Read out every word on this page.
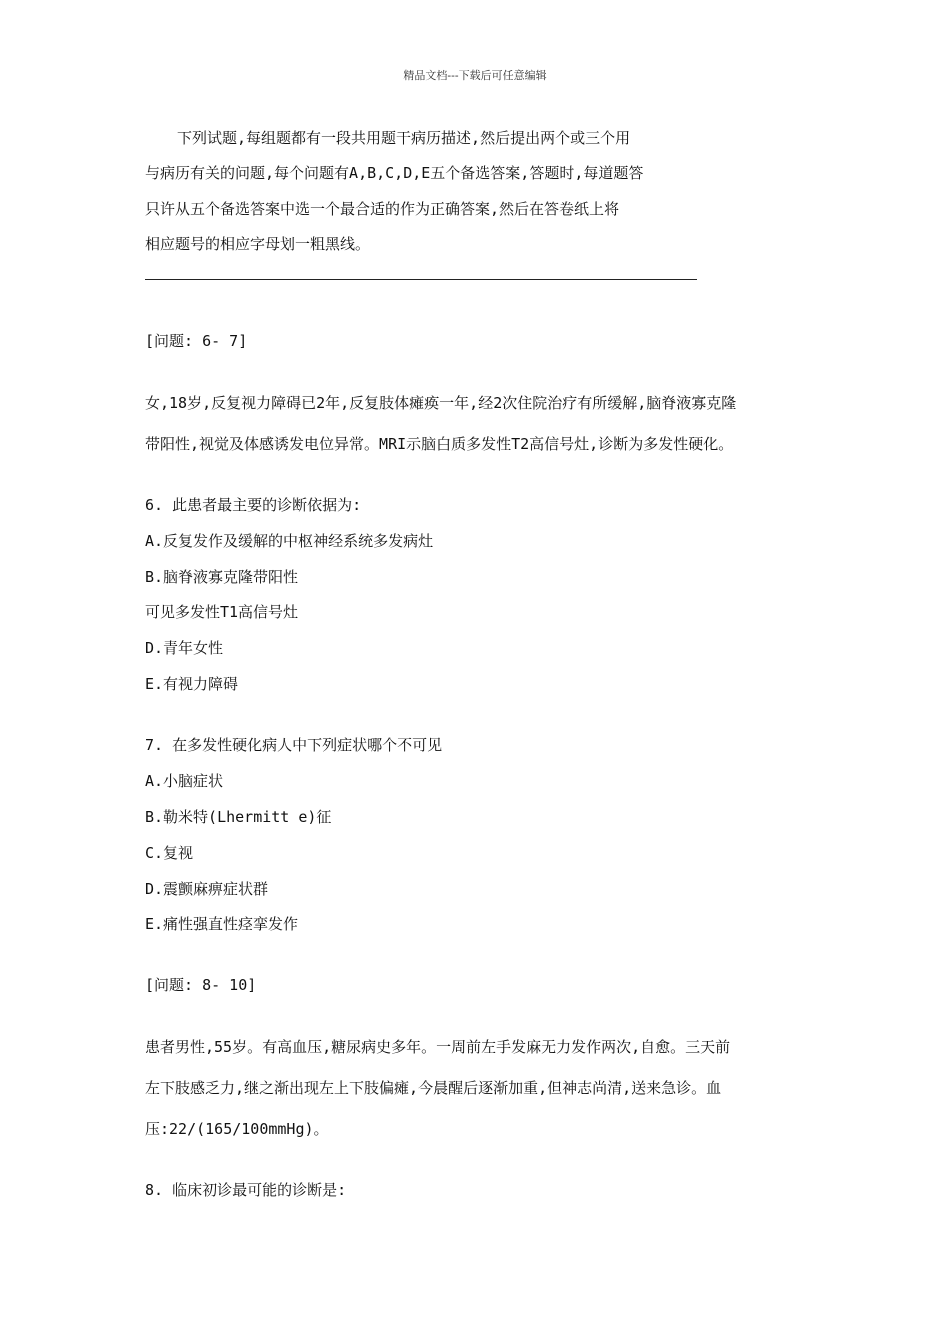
精品文档---下载后可任意编辑
下列试题,每组题都有一段共用题干病历描述,然后提出两个或三个用
与病历有关的问题,每个问题有A,B,C,D,E五个备选答案,答题时,每道题答
只许从五个备选答案中选一个最合适的作为正确答案,然后在答卷纸上将
相应题号的相应字母划一粗黑线。
[问题: 6- 7]
女,18岁,反复视力障碍已2年,反复肢体瘫痪一年,经2次住院治疗有所缓解,脑脊液寡克隆
带阳性,视觉及体感诱发电位异常。MRI示脑白质多发性T2高信号灶,诊断为多发性硬化。
6. 此患者最主要的诊断依据为:
A.反复发作及缓解的中枢神经系统多发病灶
B.脑脊液寡克隆带阳性
可见多发性T1高信号灶
D.青年女性
E.有视力障碍
7. 在多发性硬化病人中下列症状哪个不可见
A.小脑症状
B.勒米特(Lhermitt e)征
C.复视
D.震颤麻痹症状群
E.痛性强直性痉挛发作
[问题: 8- 10]
患者男性,55岁。有高血压,糖尿病史多年。一周前左手发麻无力发作两次,自愈。三天前
左下肢感乏力,继之渐出现左上下肢偏瘫,今晨醒后逐渐加重,但神志尚清,送来急诊。血
压:22/(165/100mmHg)。
8. 临床初诊最可能的诊断是:
